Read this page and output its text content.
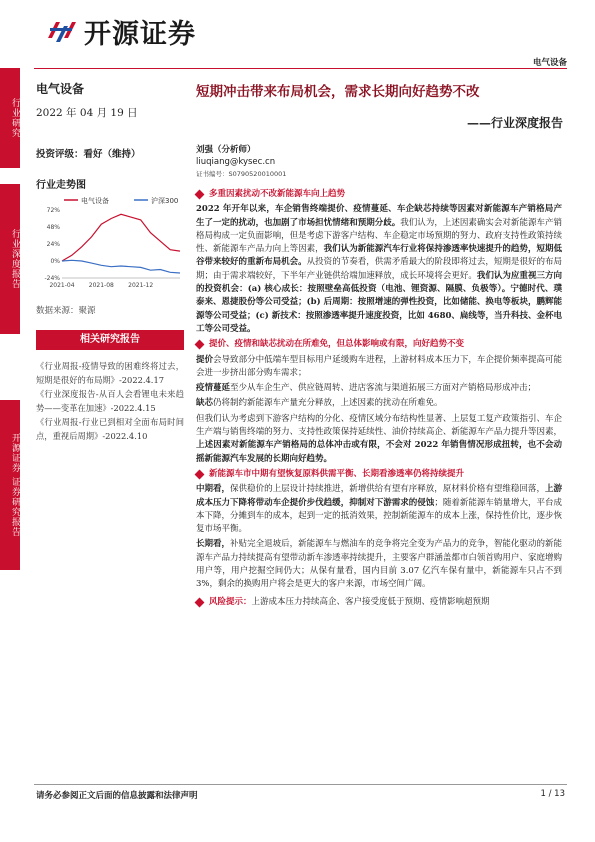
行业研究
行业深度报告
开源证券 证券研究报告
开源证券
电气设备
电气设备
2022 年 04 月 19 日
投资评级：看好（维持）
行业走势图
电气设备	沪深300
-24%
0%
24%
48%
72%
2021-04 2021-08 2021-12
数据来源：聚源
相关研究报告

《行业周报-疫情导致的困难终将过去，短期是很好的布局期》-2022.4.17

《行业深度报告-从百人会看锂电未来趋势——变革在加速》-2022.4.15

《行业周报-行业已到相对全面布局时间点，重视后周期》-2022.4.10

短期冲击带来布局机会，需求长期向好趋势不改
——行业深度报告
刘强（分析师）
liuqiang@kysec.cn
证书编号：S0790520010001
多重因素扰动不改新能源车向上趋势
2022 年开年以来，车企销售终端提价、疫情蔓延、车企缺芯持续等因素对新能源车产销格局产生了一定的扰动，也加剧了市场担忧情绪和预期分歧。我们认为，上述因素确实会对新能源车产销格局构成一定负面影响，但是考虑下游客户结构、车企稳定市场预期的努力、政府支持性政策持续性、新能源车产品力向上等因素，我们认为新能源汽车行业将保持渗透率快速提升的趋势，短期低谷带来较好的重新布局机会。从投资的节奏看，供需矛盾最大的阶段即将过去，短期是很好的布局期；由于需求端较好，下半年产业链供给端加速释放，成长环境将会更好。我们认为应重视三方向的投资机会：(a) 核心成长：按照壁垒高低投资（电池、锂资源、隔膜、负极等）。宁德时代、璞泰来、恩捷股份等公司受益；(b) 后周期：按照增速的弹性投资，比如储能、换电等板块，鹏辉能源等公司受益；(c) 新技术：按照渗透率提升速度投资，比如 4680、扁线等，当升科技、金杯电工等公司受益。
提价、疫情和缺芯扰动在所难免，但总体影响或有限，向好趋势不变
提价会导致部分中低端车型目标用户延缓购车进程，上游材料成本压力下，车企提价频率提高可能会进一步挤出部分购车需求；
疫情蔓延至少从车企生产、供应链周转、进店客流与渠道拓展三方面对产销格局形成冲击；
缺芯仍将制约新能源车产量充分释放，上述因素的扰动在所难免。
但我们认为考虑到下游客户结构的分化、疫情区域分布结构性显著、上层复工复产政策指引、车企生产端与销售终端的努力、支持性政策保持延续性、油价持续高企、新能源车产品力提升等因素，上述因素对新能源车产销格局的总体冲击或有限，不会对 2022 年销售情况形成扭转，也不会动摇新能源汽车发展的长期向好趋势。
新能源车市中期有望恢复原料供需平衡、长期看渗透率仍将持续提升
中期看，保供稳价的上层设计持续推进，新增供给有望有序释放，原材料价格有望维稳回落，上游成本压力下降将带动车企提价步伐趋缓，抑制对下游需求的侵蚀；随着新能源车销量增大，平台成本下降，分摊到车的成本，起到一定的抵消效果，控制新能源车的成本上涨，保持性价比，逐步恢复市场平衡。
长期看，补贴完全退坡后，新能源车与燃油车的竞争将完全变为产品力的竞争，智能化驱动的新能源车产品力持续提高有望带动新车渗透率持续提升，主要客户群涵盖都市白领首购用户、家庭增购用户等，用户挖掘空间仍大；从保有量看，国内目前 3.07 亿汽车保有量中，新能源车只占不到 3%，剩余的换购用户将会是更大的客户来源，市场空间广阔。
风险提示：上游成本压力持续高企、客户接受度低于预期、疫情影响超预期
请务必参阅正文后面的信息披露和法律声明	1 / 13
